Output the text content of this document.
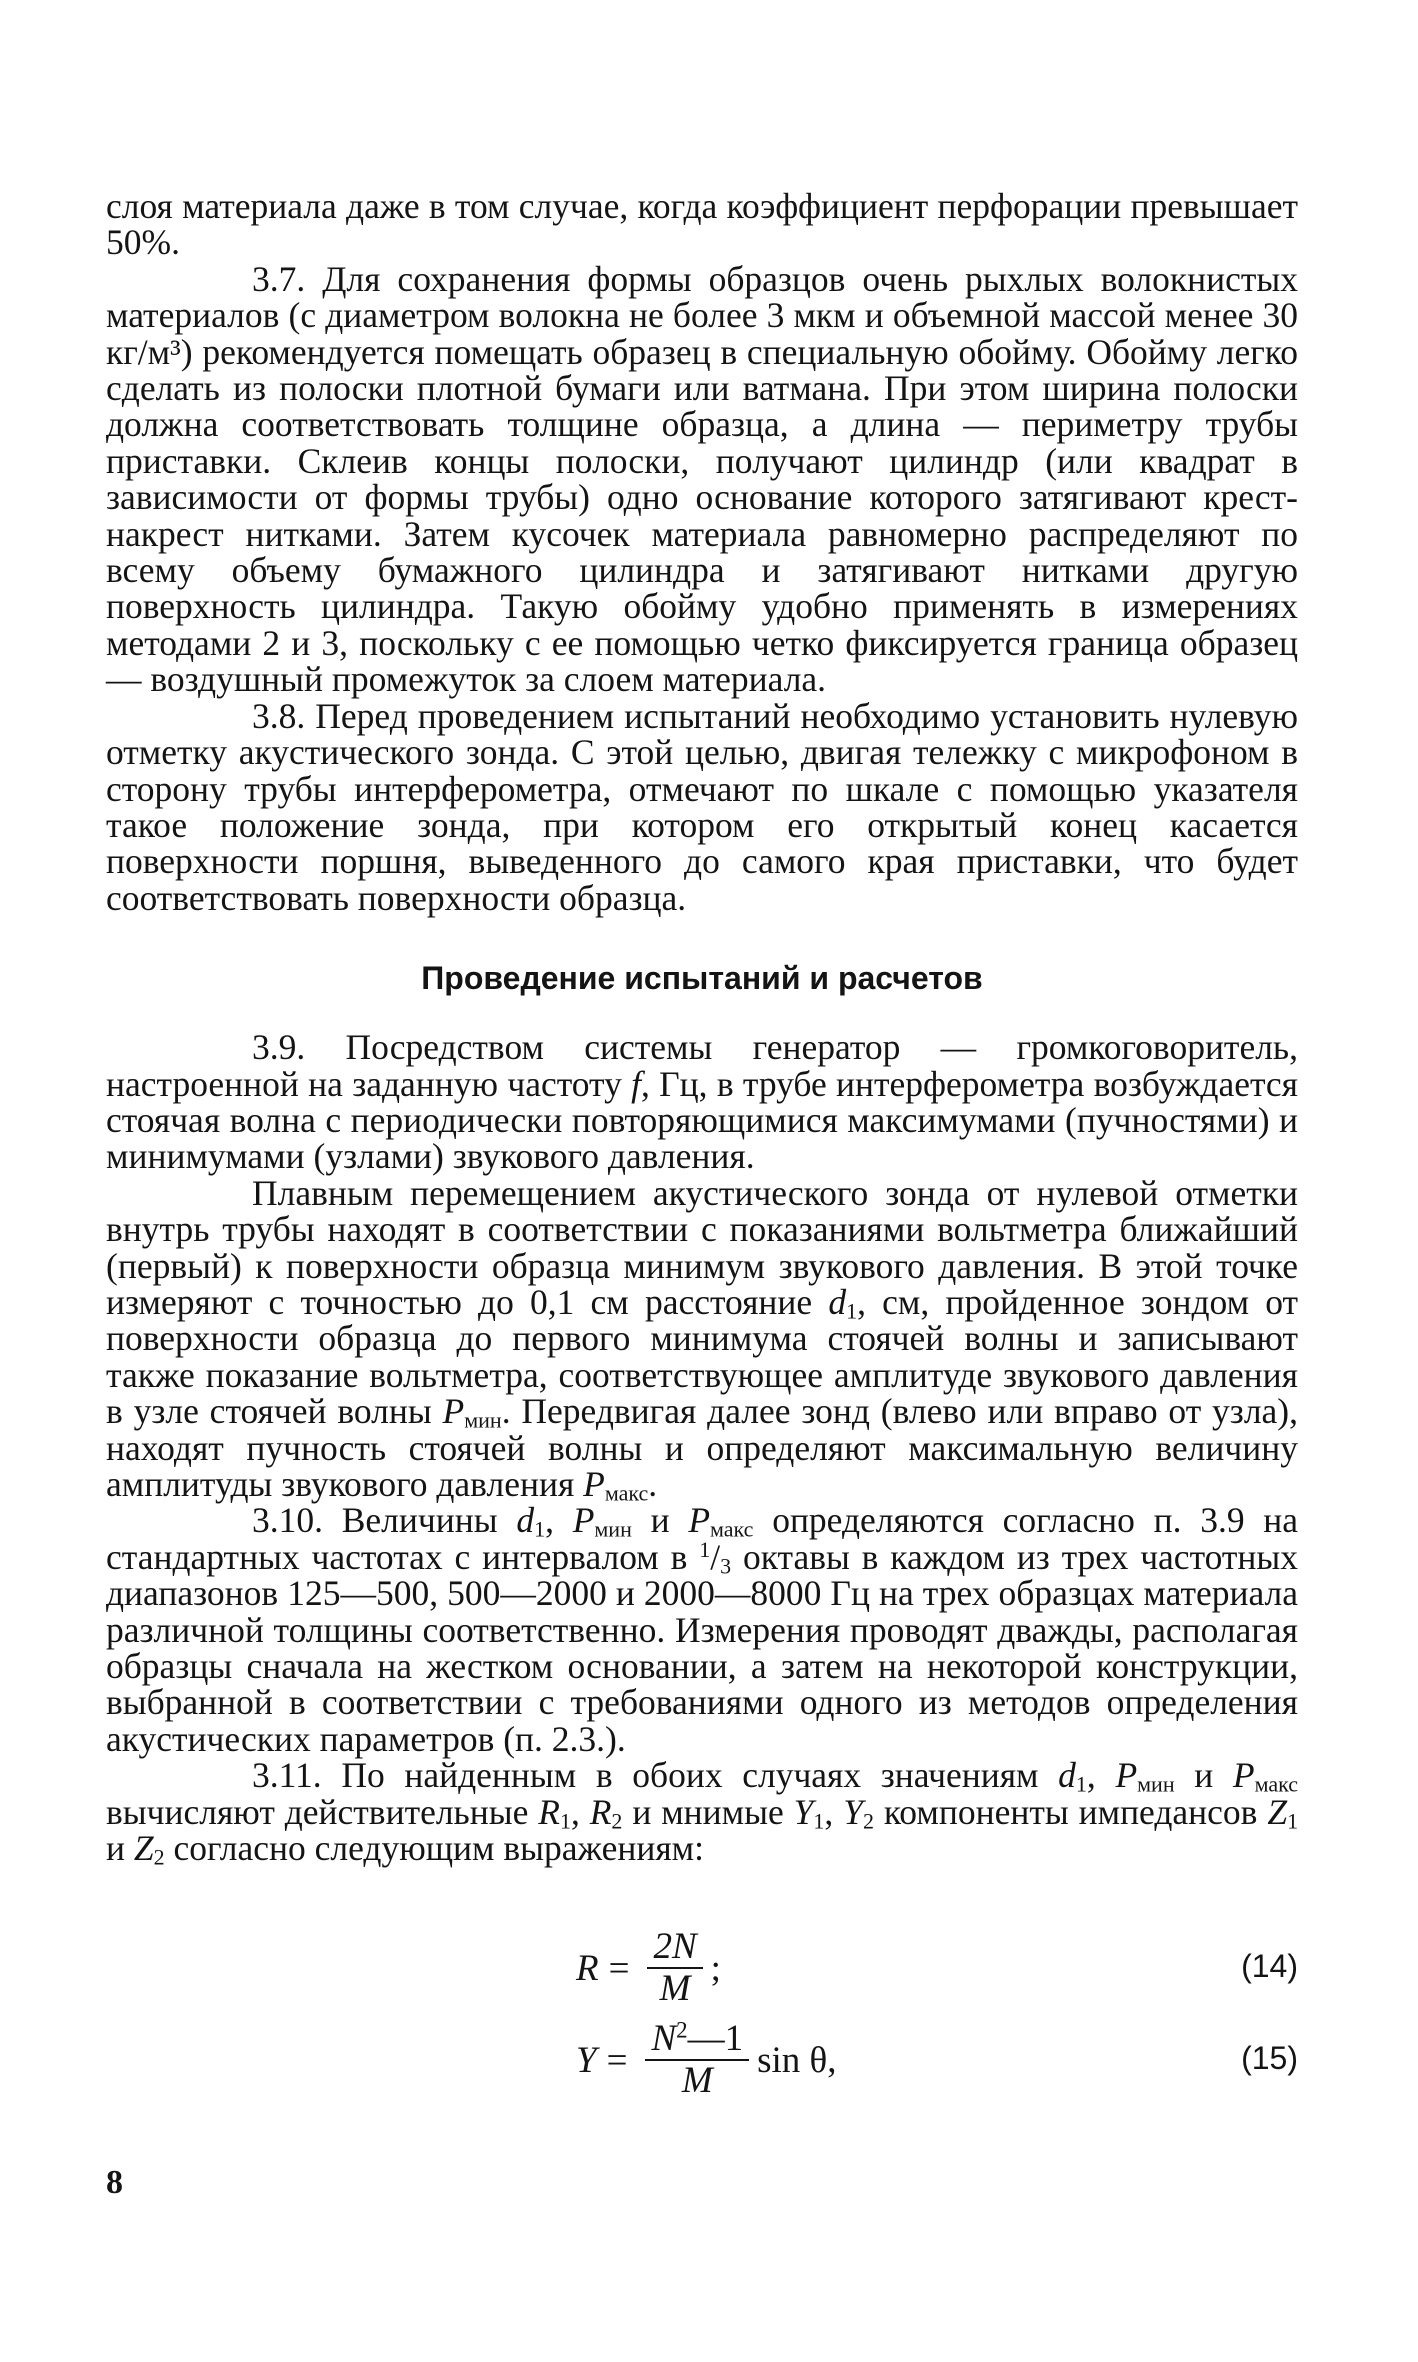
слоя материала даже в том случае, когда коэффициент перфорации превышает 50%.

3.7. Для сохранения формы образцов очень рыхлых волокнистых материалов (с диаметром волокна не более 3 мкм и объемной массой менее 30 кг/м³) рекомендуется помещать образец в специальную обойму. Обойму легко сделать из полоски плотной бумаги или ватмана. При этом ширина полоски должна соответствовать толщине образца, а длина — периметру трубы приставки. Склеив концы полоски, получают цилиндр (или квадрат в зависимости от формы трубы) одно основание которого затягивают крест-накрест нитками. Затем кусочек материала равномерно распределяют по всему объему бумажного цилиндра и затягивают нитками другую поверхность цилиндра. Такую обойму удобно применять в измерениях методами 2 и 3, поскольку с ее помощью четко фиксируется граница образец — воздушный промежуток за слоем материала.

3.8. Перед проведением испытаний необходимо установить нулевую отметку акустического зонда. С этой целью, двигая тележку с микрофоном в сторону трубы интерферометра, отмечают по шкале с помощью указателя такое положение зонда, при котором его открытый конец касается поверхности поршня, выведенного до самого края приставки, что будет соответствовать поверхности образца.

Проведение испытаний и расчетов

3.9. Посредством системы генератор — громкоговоритель, настроенной на заданную частоту f, Гц, в трубе интерферометра возбуждается стоячая волна с периодически повторяющимися максимумами (пучностями) и минимумами (узлами) звукового давления.

Плавным перемещением акустического зонда от нулевой отметки внутрь трубы находят в соответствии с показаниями вольтметра ближайший (первый) к поверхности образца минимум звукового давления. В этой точке измеряют с точностью до 0,1 см расстояние $d_1$, см, пройденное зондом от поверхности образца до первого минимума стоячей волны и записывают также показание вольтметра, соответствующее амплитуде звукового давления в узле стоячей волны $P_{мин}$. Передвигая далее зонд (влево или вправо от узла), находят пучность стоячей волны и определяют максимальную величину амплитуды звукового давления $P_{макс}$.

3.10. Величины $d_1$, $P_{мин}$ и $P_{макс}$ определяются согласно п. 3.9 на стандартных частотах с интервалом в $^1/_3$ октавы в каждом из трех частотных диапазонов 125—500, 500—2000 и 2000—8000 Гц на трех образцах материала различной толщины соответственно. Измерения проводят дважды, располагая образцы сначала на жестком основании, а затем на некоторой конструкции, выбранной в соответствии с требованиями одного из методов определения акустических параметров (п. 2.3.).

3.11. По найденным в обоих случаях значениям $d_1$, $P_{мин}$ и $P_{макс}$ вычисляют действительные $R_1$, $R_2$ и мнимые $Y_1$, $Y_2$ компоненты импедансов $Z_1$ и $Z_2$ согласно следующим выражениям:

$R = \frac{2N}{M}$ ;	(14)
$Y = \frac{N^2—1}{M}$ sin θ,	(15)
8
